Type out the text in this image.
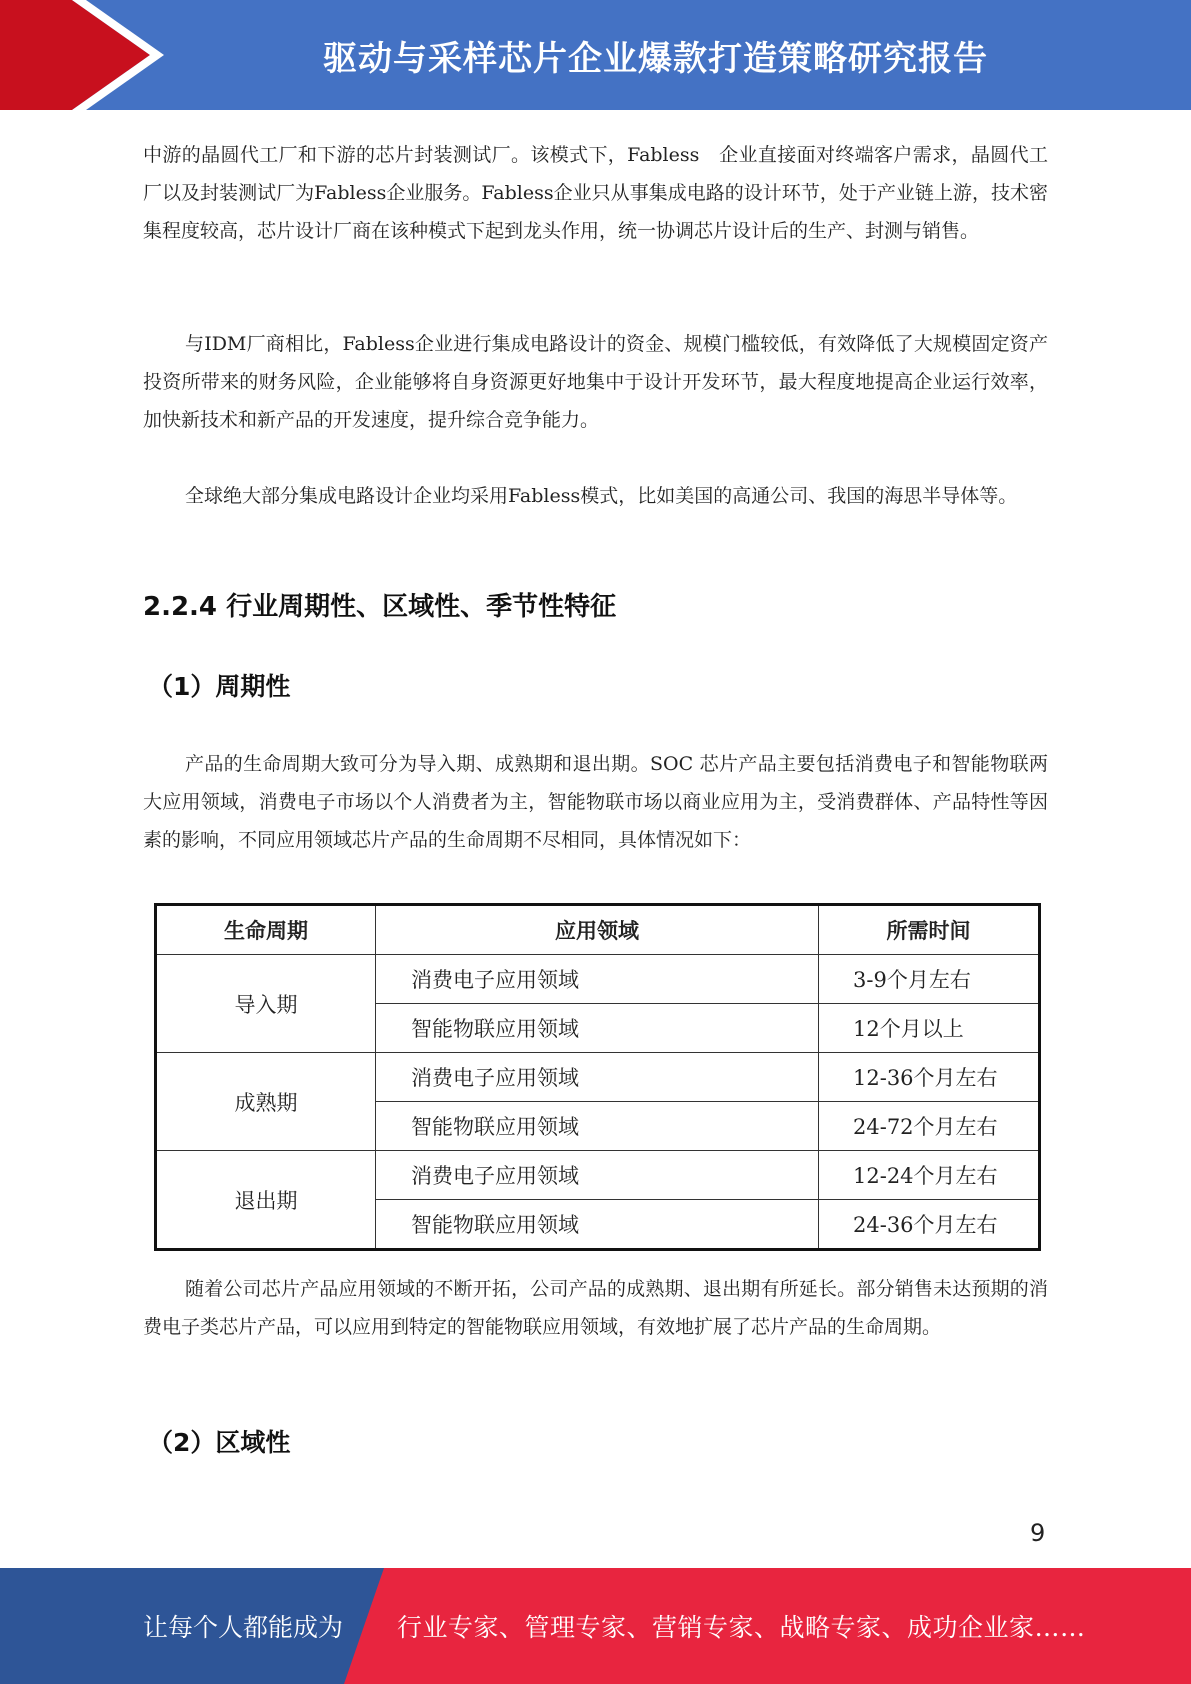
驱动与采样芯片企业爆款打造策略研究报告

中游的晶圆代工厂和下游的芯片封装测试厂。该模式下，Fabless　企业直接面对终端客户需求，晶圆代工厂以及封装测试厂为Fabless企业服务。Fabless企业只从事集成电路的设计环节，处于产业链上游，技术密集程度较高，芯片设计厂商在该种模式下起到龙头作用，统一协调芯片设计后的生产、封测与销售。

与IDM厂商相比，Fabless企业进行集成电路设计的资金、规模门槛较低，有效降低了大规模固定资产投资所带来的财务风险，企业能够将自身资源更好地集中于设计开发环节，最大程度地提高企业运行效率，加快新技术和新产品的开发速度，提升综合竞争能力。

全球绝大部分集成电路设计企业均采用Fabless模式，比如美国的高通公司、我国的海思半导体等。

2.2.4 行业周期性、区域性、季节性特征
（1）周期性

产品的生命周期大致可分为导入期、成熟期和退出期。SOC 芯片产品主要包括消费电子和智能物联两大应用领域，消费电子市场以个人消费者为主，智能物联市场以商业应用为主，受消费群体、产品特性等因素的影响，不同应用领域芯片产品的生命周期不尽相同，具体情况如下：

生命周期	应用领域	所需时间
导入期	消费电子应用领域	3-9个月左右
	智能物联应用领域	12个月以上
成熟期	消费电子应用领域	12-36个月左右
	智能物联应用领域	24-72个月左右
退出期	消费电子应用领域	12-24个月左右
	智能物联应用领域	24-36个月左右

随着公司芯片产品应用领域的不断开拓，公司产品的成熟期、退出期有所延长。部分销售未达预期的消费电子类芯片产品，可以应用到特定的智能物联应用领域，有效地扩展了芯片产品的生命周期。

（2）区域性
9
让每个人都能成为 行业专家、管理专家、营销专家、战略专家、成功企业家……
